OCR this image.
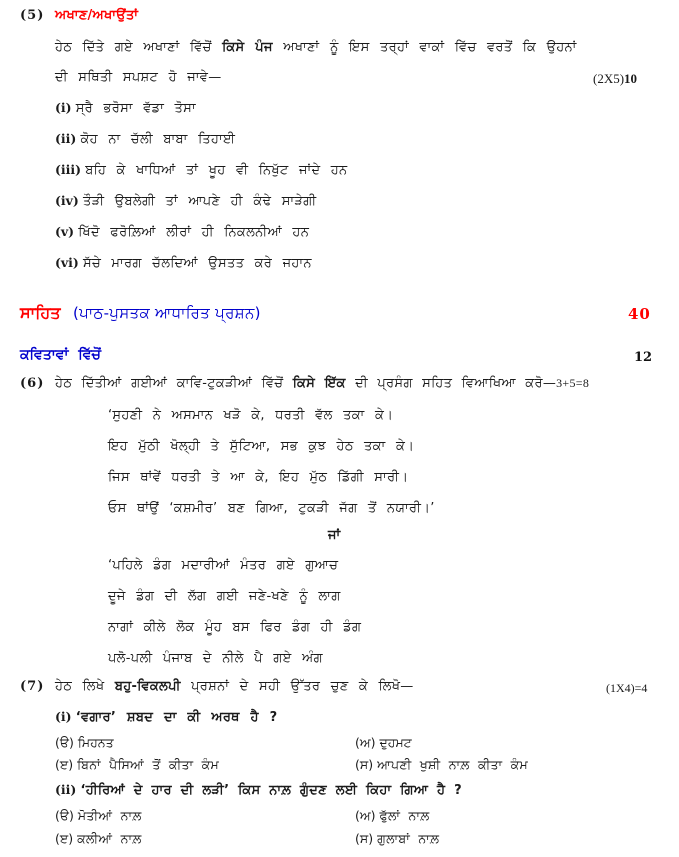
(5) ਅਖਾਣ/ਅਖਾਉਂਤਾਂ
ਹੇਠ ਦਿੱਤੇ ਗਏ ਅਖਾਣਾਂ ਵਿੱਚੋਂ ਕਿਸੇ ਪੰਜ ਅਖਾਣਾਂ ਨੂੰ ਇਸ ਤਰ੍ਹਾਂ ਵਾਕਾਂ ਵਿੱਚ ਵਰਤੋਂ ਕਿ ਉਹਨਾਂ
ਦੀ ਸਥਿਤੀ ਸਪਸ਼ਟ ਹੋ ਜਾਵੇ—	(2X5)10
(i) ਸ੍ਰੈ ਭਰੋਸਾ ਵੱਡਾ ਤੋਸਾ
(ii) ਕੋਹ ਨਾ ਚੱਲੀ ਬਾਬਾ ਤਿਹਾਈ
(iii) ਬਹਿ ਕੇ ਖਾਧਿਆਂ ਤਾਂ ਖੂਹ ਵੀ ਨਿਖੁੱਟ ਜਾਂਦੇ ਹਨ
(iv) ਤੌੜੀ ਉਬਲੇਗੀ ਤਾਂ ਆਪਣੇ ਹੀ ਕੰਢੇ ਸਾੜੇਗੀ
(v) ਖਿੱਦੋ ਫਰੋਲ਼ਿਆਂ ਲੀਰਾਂ ਹੀ ਨਿਕਲਨੀਆਂ ਹਨ
(vi) ਸੱਚੇ ਮਾਰਗ ਚੱਲਦਿਆਂ ਉਸਤਤ ਕਰੇ ਜਹਾਨ
ਸਾਹਿਤ (ਪਾਠ-ਪੁਸਤਕ ਆਧਾਰਿਤ ਪ੍ਰਸ਼ਨ)	40
ਕਵਿਤਾਵਾਂ  ਵਿੱਚੋਂ	12
(6) ਹੇਠ ਦਿੱਤੀਆਂ ਗਈਆਂ ਕਾਵਿ-ਟੁਕੜੀਆਂ ਵਿੱਚੋਂ ਕਿਸੇ ਇੱਕ ਦੀ ਪ੍ਰਸੰਗ ਸਹਿਤ ਵਿਆਖਿਆ ਕਰੋ—3+5=8
‘ਸੁਹਣੀ ਨੇ ਅਸਮਾਨ ਖੜੋ ਕੇ, ਧਰਤੀ ਵੱਲ ਤਕਾ ਕੇ।
ਇਹ ਮੁੱਠੀ ਖੋਲ੍ਹੀ ਤੇ ਸੁੱਟਿਆ, ਸਭ ਕੁਝ ਹੇਠ ਤਕਾ ਕੇ।
ਜਿਸ ਥਾਂਵੇਂ ਧਰਤੀ ਤੇ ਆ ਕੇ, ਇਹ ਮੁੱਠ ਡਿੱਗੀ ਸਾਰੀ।
ਓਸ ਥਾਂਉਂ ‘ਕਸ਼ਮੀਰ’ ਬਣ ਗਿਆ, ਟੁਕੜੀ ਜੱਗ ਤੋਂ ਨਯਾਰੀ।’
ਜਾਂ
‘ਪਹਿਲੇ ਡੰਗ ਮਦਾਰੀਆਂ ਮੰਤਰ ਗਏ ਗੁਆਚ
ਦੂਜੇ ਡੰਗ ਦੀ ਲੱਗ ਗਈ ਜਣੇ-ਖਣੇ ਨੂੰ ਲਾਗ
ਨਾਗਾਂ ਕੀਲੇ ਲੋਕ ਮੂੰਹ ਬਸ ਫਿਰ ਡੰਗ ਹੀ ਡੰਗ
ਪਲੋ-ਪਲੀ ਪੰਜਾਬ ਦੇ ਨੀਲੇ ਪੈ ਗਏ ਅੰਗ
(7) ਹੇਠ ਲਿਖੇ ਬਹੁ-ਵਿਕਲਪੀ ਪ੍ਰਸ਼ਨਾਂ ਦੇ ਸਹੀ ਉੱਤਰ ਚੁਣ ਕੇ ਲਿਖੋ—	(1X4)=4
(i) ‘ਵਗਾਰ’ ਸ਼ਬਦ ਦਾ ਕੀ ਅਰਥ ਹੈ ?
(ੳ) ਮਿਹਨਤ	(ਅ) ਦੁਹਮਟ
(ੲ) ਬਿਨਾਂ ਪੈਸਿਆਂ ਤੋਂ ਕੀਤਾ ਕੰਮ	(ਸ) ਆਪਣੀ ਖੁਸ਼ੀ ਨਾਲ਼ ਕੀਤਾ ਕੰਮ
(ii) ‘ਹੀਰਿਆਂ ਦੇ ਹਾਰ ਦੀ ਲੜੀ’ ਕਿਸ ਨਾਲ਼ ਗੁੰਦਣ ਲਈ ਕਿਹਾ ਗਿਆ ਹੈ ?
(ੳ) ਮੋਤੀਆਂ ਨਾਲ਼	(ਅ) ਫੁੱਲਾਂ ਨਾਲ਼
(ੲ) ਕਲੀਆਂ ਨਾਲ਼	(ਸ) ਗੁਲਾਬਾਂ ਨਾਲ਼
